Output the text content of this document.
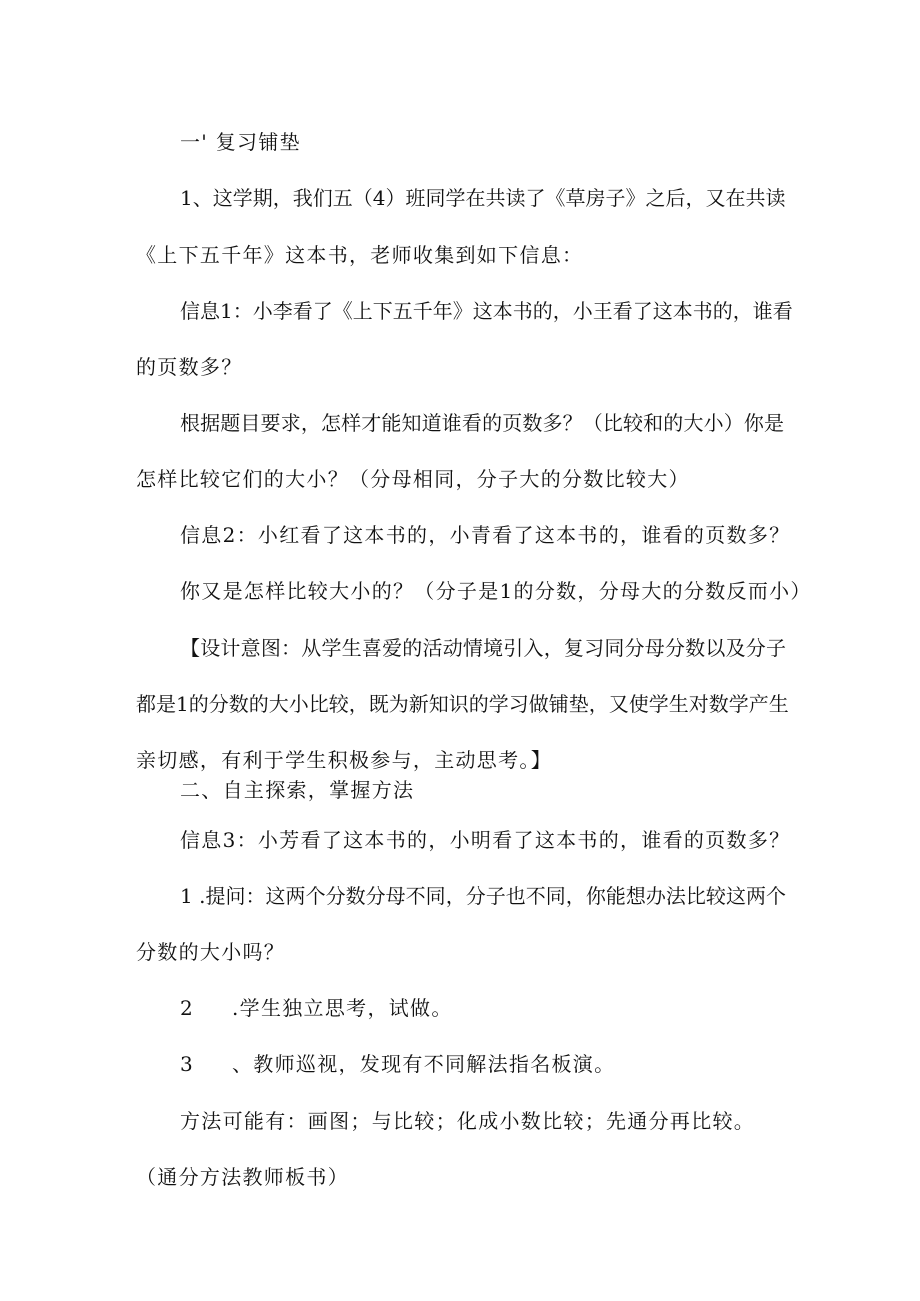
一' 复习铺垫
1、这学期，我们五（4）班同学在共读了《草房子》之后，又在共读
《上下五千年》这本书，老师收集到如下信息：
信息1：小李看了《上下五千年》这本书的，小王看了这本书的，谁看
的页数多？
根据题目要求，怎样才能知道谁看的页数多？（比较和的大小）你是
怎样比较它们的大小？（分母相同，分子大的分数比较大）
信息2：小红看了这本书的，小青看了这本书的，谁看的页数多？
你又是怎样比较大小的？（分子是1的分数，分母大的分数反而小）
【设计意图：从学生喜爱的活动情境引入，复习同分母分数以及分子
都是1的分数的大小比较，既为新知识的学习做铺垫，又使学生对数学产生
亲切感，有利于学生积极参与，主动思考。】
二、自主探索，掌握方法
信息3：小芳看了这本书的，小明看了这本书的，谁看的页数多？
1 .提问：这两个分数分母不同，分子也不同，你能想办法比较这两个
分数的大小吗？
2 .学生独立思考，试做。
3 、教师巡视，发现有不同解法指名板演。
方法可能有：画图；与比较；化成小数比较；先通分再比较。
（通分方法教师板书）
